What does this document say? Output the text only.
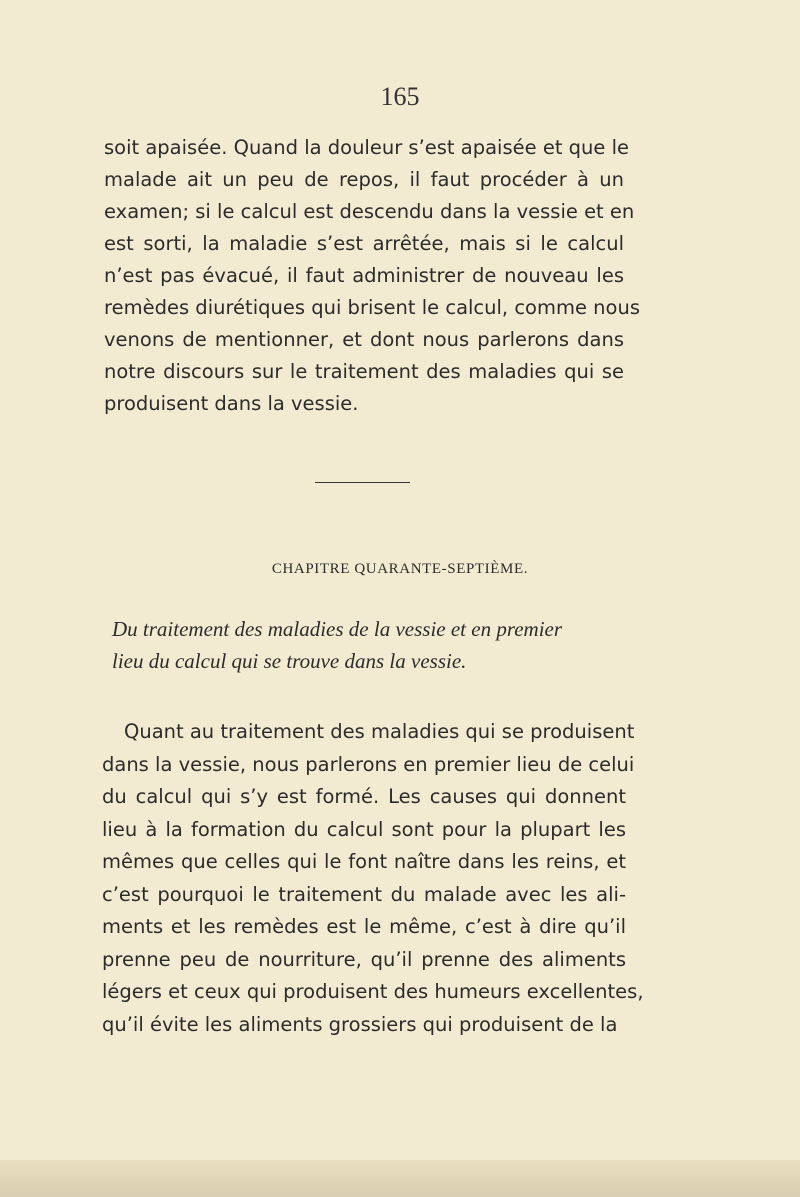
165
soit apaisée. Quand la douleur s’est apaisée et que le
malade ait un peu de repos, il faut procéder à un
examen; si le calcul est descendu dans la vessie et en
est sorti, la maladie s’est arrêtée, mais si le calcul
n’est pas évacué, il faut administrer de nouveau les
remèdes diurétiques qui brisent le calcul, comme nous
venons de mentionner, et dont nous parlerons dans
notre discours sur le traitement des maladies qui se
produisent dans la vessie.
CHAPITRE QUARANTE-SEPTIÈME.
Du traitement des maladies de la vessie et en premier
lieu du calcul qui se trouve dans la vessie.
Quant au traitement des maladies qui se produisent
dans la vessie, nous parlerons en premier lieu de celui
du calcul qui s’y est formé. Les causes qui donnent
lieu à la formation du calcul sont pour la plupart les
mêmes que celles qui le font naître dans les reins, et
c’est pourquoi le traitement du malade avec les ali-
ments et les remèdes est le même, c’est à dire qu’il
prenne peu de nourriture, qu’il prenne des aliments
légers et ceux qui produisent des humeurs excellentes,
qu’il évite les aliments grossiers qui produisent de la
